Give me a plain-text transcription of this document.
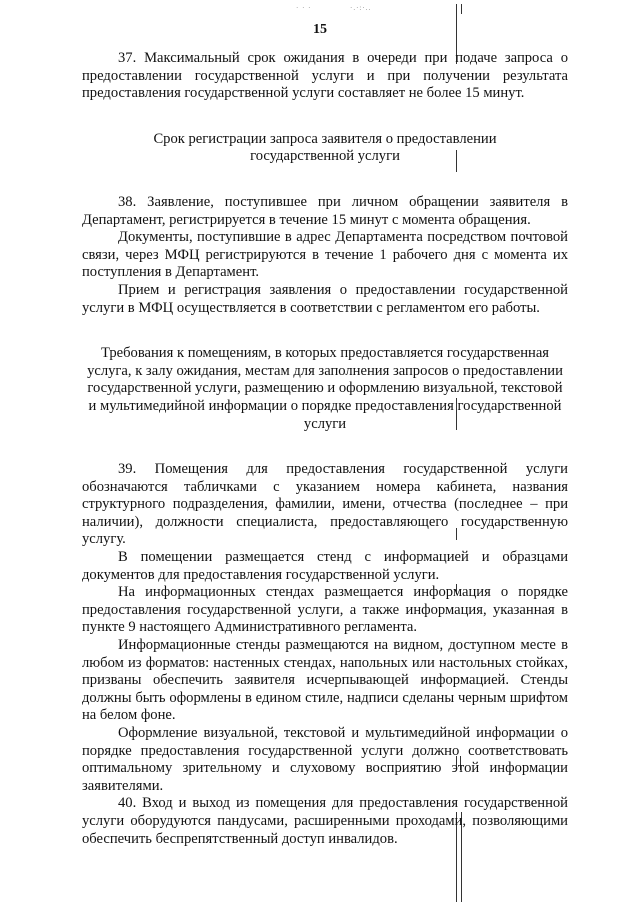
·.·:·..
· · ·
15

37. Максимальный срок ожидания в очереди при подаче запроса о предоставлении государственной услуги и при получении результата предоставления государственной услуги составляет не более 15 минут.

Срок регистрации запроса заявителя о предоставлении государственной услуги

38. Заявление, поступившее при личном обращении заявителя в Департамент, регистрируется в течение 15 минут с момента обращения.

Документы, поступившие в адрес Департамента посредством почтовой связи, через МФЦ регистрируются в течение 1 рабочего дня с момента их поступления в Департамент.

Прием и регистрация заявления о предоставлении государственной услуги в МФЦ осуществляется в соответствии с регламентом его работы.

Требования к помещениям, в которых предоставляется государственная услуга, к залу ожидания, местам для заполнения запросов о предоставлении государственной услуги, размещению и оформлению визуальной, текстовой и мультимедийной информации о порядке предоставления государственной услуги

39. Помещения для предоставления государственной услуги обозначаются табличками с указанием номера кабинета, названия структурного подразделения, фамилии, имени, отчества (последнее – при наличии), должности специалиста, предоставляющего государственную услугу.

В помещении размещается стенд с информацией и образцами документов для предоставления государственной услуги.

На информационных стендах размещается информация о порядке предоставления государственной услуги, а также информация, указанная в пункте 9 настоящего Административного регламента.

Информационные стенды размещаются на видном, доступном месте в любом из форматов: настенных стендах, напольных или настольных стойках, призваны обеспечить заявителя исчерпывающей информацией. Стенды должны быть оформлены в едином стиле, надписи сделаны черным шрифтом на белом фоне.

Оформление визуальной, текстовой и мультимедийной информации о порядке предоставления государственной услуги должно соответствовать оптимальному зрительному и слуховому восприятию этой информации заявителями.

40. Вход и выход из помещения для предоставления государственной услуги оборудуются пандусами, расширенными проходами, позволяющими обеспечить беспрепятственный доступ инвалидов.
